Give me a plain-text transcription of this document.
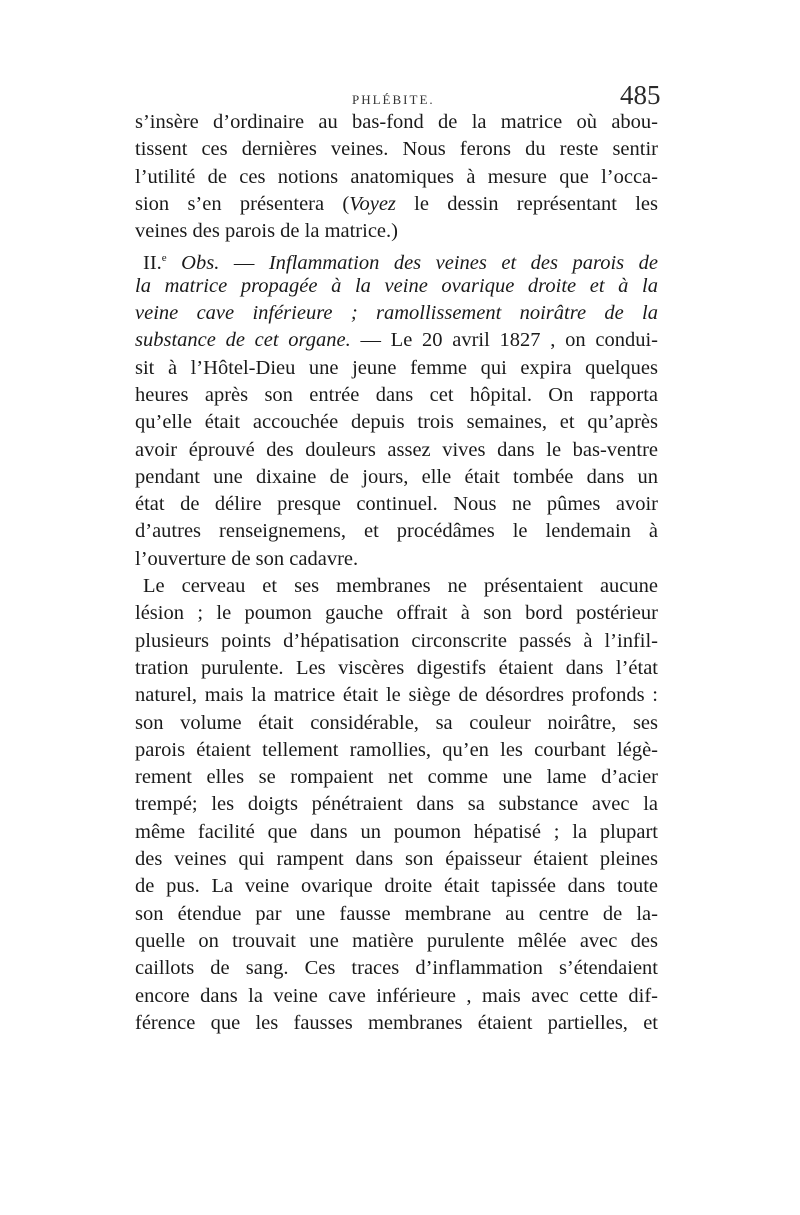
PHLÉBITE.	485
s’insère d’ordinaire au bas-fond de la matrice où abou-
tissent ces dernières veines. Nous ferons du reste sentir
l’utilité de ces notions anatomiques à mesure que l’occa-
sion s’en présentera (Voyez le dessin représentant les
veines des parois de la matrice.)
II.$^e$ Obs. — Inflammation des veines et des parois de
la matrice propagée à la veine ovarique droite et à la
veine cave inférieure ; ramollissement noirâtre de la
substance de cet organe. — Le 20 avril 1827 , on condui-
sit à l’Hôtel-Dieu une jeune femme qui expira quelques
heures après son entrée dans cet hôpital. On rapporta
qu’elle était accouchée depuis trois semaines, et qu’après
avoir éprouvé des douleurs assez vives dans le bas-ventre
pendant une dixaine de jours, elle était tombée dans un
état de délire presque continuel. Nous ne pûmes avoir
d’autres renseignemens, et procédâmes le lendemain à
l’ouverture de son cadavre.
Le cerveau et ses membranes ne présentaient aucune
lésion ; le poumon gauche offrait à son bord postérieur
plusieurs points d’hépatisation circonscrite passés à l’infil-
tration purulente. Les viscères digestifs étaient dans l’état
naturel, mais la matrice était le siège de désordres profonds :
son volume était considérable, sa couleur noirâtre, ses
parois étaient tellement ramollies, qu’en les courbant légè-
rement elles se rompaient net comme une lame d’acier
trempé; les doigts pénétraient dans sa substance avec la
même facilité que dans un poumon hépatisé ; la plupart
des veines qui rampent dans son épaisseur étaient pleines
de pus. La veine ovarique droite était tapissée dans toute
son étendue par une fausse membrane au centre de la-
quelle on trouvait une matière purulente mêlée avec des
caillots de sang. Ces traces d’inflammation s’étendaient
encore dans la veine cave inférieure , mais avec cette dif-
férence que les fausses membranes étaient partielles, et
